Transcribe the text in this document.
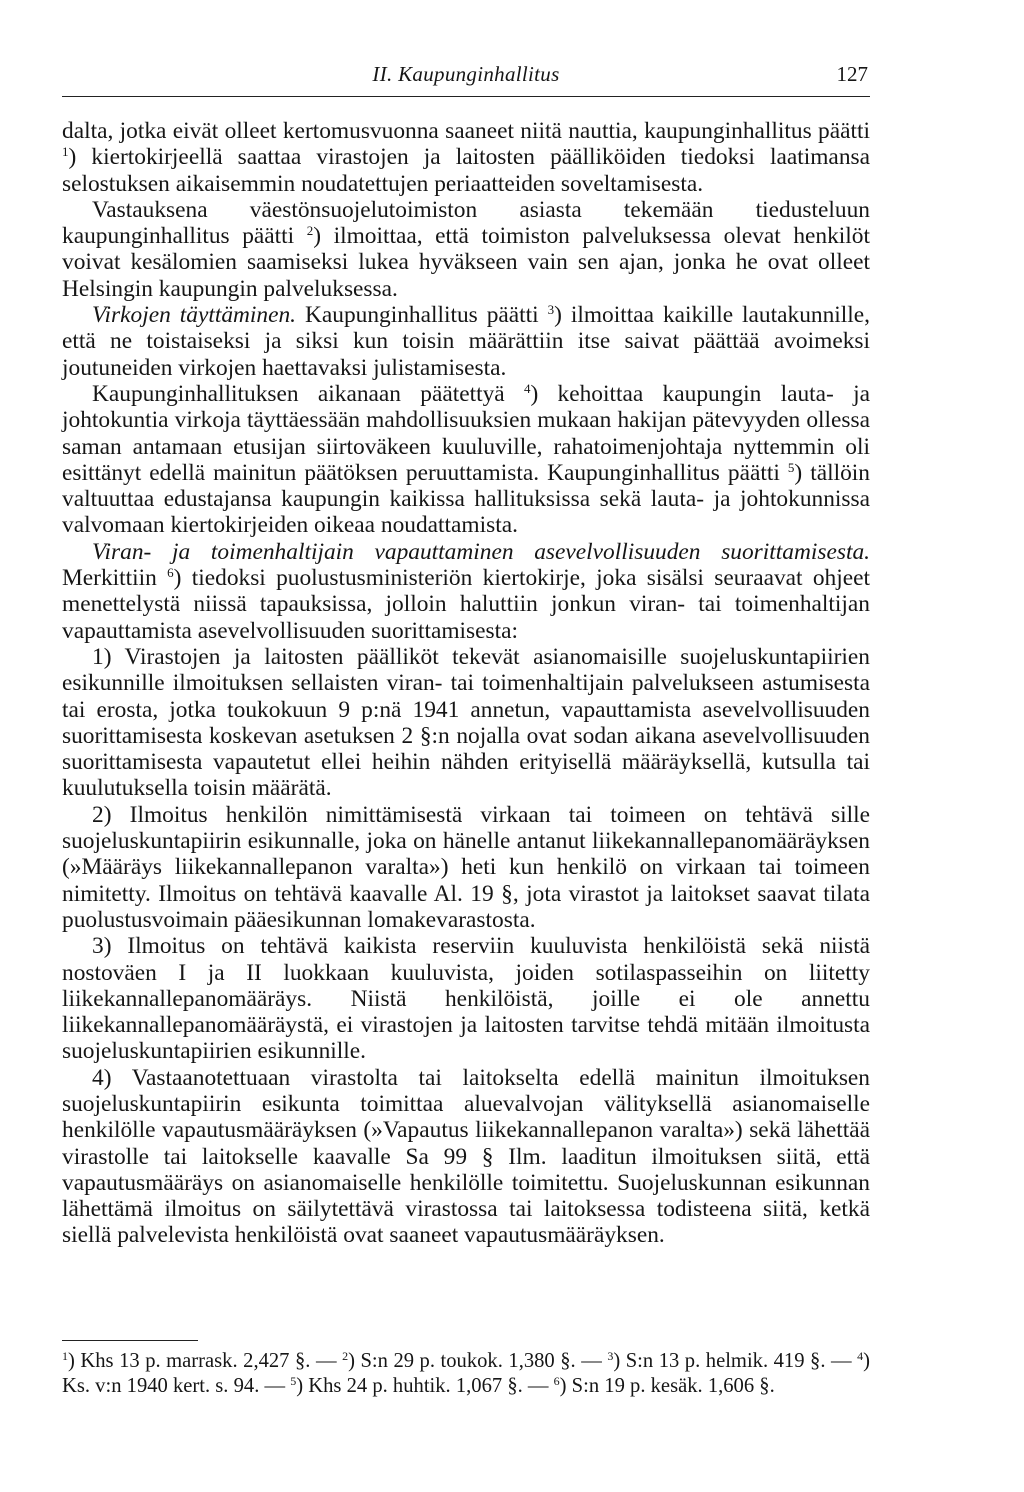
II. Kaupunginhallitus	127

dalta, jotka eivät olleet kertomusvuonna saaneet niitä nauttia, kaupunginhallitus päätti $^1$) kiertokirjeellä saattaa virastojen ja laitosten päälliköiden tiedoksi laatimansa selostuksen aikaisemmin noudatettujen periaatteiden soveltamisesta.

Vastauksena väestönsuojelutoimiston asiasta tekemään tiedusteluun kaupunginhallitus päätti $^2$) ilmoittaa, että toimiston palveluksessa olevat henkilöt voivat kesälomien saamiseksi lukea hyväkseen vain sen ajan, jonka he ovat olleet Helsingin kaupungin palveluksessa.

Virkojen täyttäminen. Kaupunginhallitus päätti $^3$) ilmoittaa kaikille lautakunnille, että ne toistaiseksi ja siksi kun toisin määrättiin itse saivat päättää avoimeksi joutuneiden virkojen haettavaksi julistamisesta.

Kaupunginhallituksen aikanaan päätettyä $^4$) kehoittaa kaupungin lauta- ja johtokuntia virkoja täyttäessään mahdollisuuksien mukaan hakijan pätevyyden ollessa saman antamaan etusijan siirtoväkeen kuuluville, rahatoimenjohtaja nyttemmin oli esittänyt edellä mainitun päätöksen peruuttamista. Kaupunginhallitus päätti $^5$) tällöin valtuuttaa edustajansa kaupungin kaikissa hallituksissa sekä lauta- ja johtokunnissa valvomaan kiertokirjeiden oikeaa noudattamista.

Viran- ja toimenhaltijain vapauttaminen asevelvollisuuden suorittamisesta. Merkittiin $^6$) tiedoksi puolustusministeriön kiertokirje, joka sisälsi seuraavat ohjeet menettelystä niissä tapauksissa, jolloin haluttiin jonkun viran- tai toimenhaltijan vapauttamista asevelvollisuuden suorittamisesta:

1) Virastojen ja laitosten päälliköt tekevät asianomaisille suojeluskuntapiirien esikunnille ilmoituksen sellaisten viran- tai toimenhaltijain palvelukseen astumisesta tai erosta, jotka toukokuun 9 p:nä 1941 annetun, vapauttamista asevelvollisuuden suorittamisesta koskevan asetuksen 2 §:n nojalla ovat sodan aikana asevelvollisuuden suorittamisesta vapautetut ellei heihin nähden erityisellä määräyksellä, kutsulla tai kuulutuksella toisin määrätä.

2) Ilmoitus henkilön nimittämisestä virkaan tai toimeen on tehtävä sille suojeluskuntapiirin esikunnalle, joka on hänelle antanut liikekannallepanomääräyksen (»Määräys liikekannallepanon varalta») heti kun henkilö on virkaan tai toimeen nimitetty. Ilmoitus on tehtävä kaavalle Al. 19 §, jota virastot ja laitokset saavat tilata puolustusvoimain pääesikunnan lomakevarastosta.

3) Ilmoitus on tehtävä kaikista reserviin kuuluvista henkilöistä sekä niistä nostoväen I ja II luokkaan kuuluvista, joiden sotilaspasseihin on liitetty liikekannallepanomääräys. Niistä henkilöistä, joille ei ole annettu liikekannallepanomääräystä, ei virastojen ja laitosten tarvitse tehdä mitään ilmoitusta suojeluskuntapiirien esikunnille.

4) Vastaanotettuaan virastolta tai laitokselta edellä mainitun ilmoituksen suojeluskuntapiirin esikunta toimittaa aluevalvojan välityksellä asianomaiselle henkilölle vapautusmääräyksen (»Vapautus liikekannallepanon varalta») sekä lähettää virastolle tai laitokselle kaavalle Sa 99 § Ilm. laaditun ilmoituksen siitä, että vapautusmääräys on asianomaiselle henkilölle toimitettu. Suojeluskunnan esikunnan lähettämä ilmoitus on säilytettävä virastossa tai laitoksessa todisteena siitä, ketkä siellä palvelevista henkilöistä ovat saaneet vapautusmääräyksen.

$^1$) Khs 13 p. marrask. 2,427 §. — $^2$) S:n 29 p. toukok. 1,380 §. — $^3$) S:n 13 p. helmik. 419 §. — $^4$) Ks. v:n 1940 kert. s. 94. — $^5$) Khs 24 p. huhtik. 1,067 §. — $^6$) S:n 19 p. kesäk. 1,606 §.
